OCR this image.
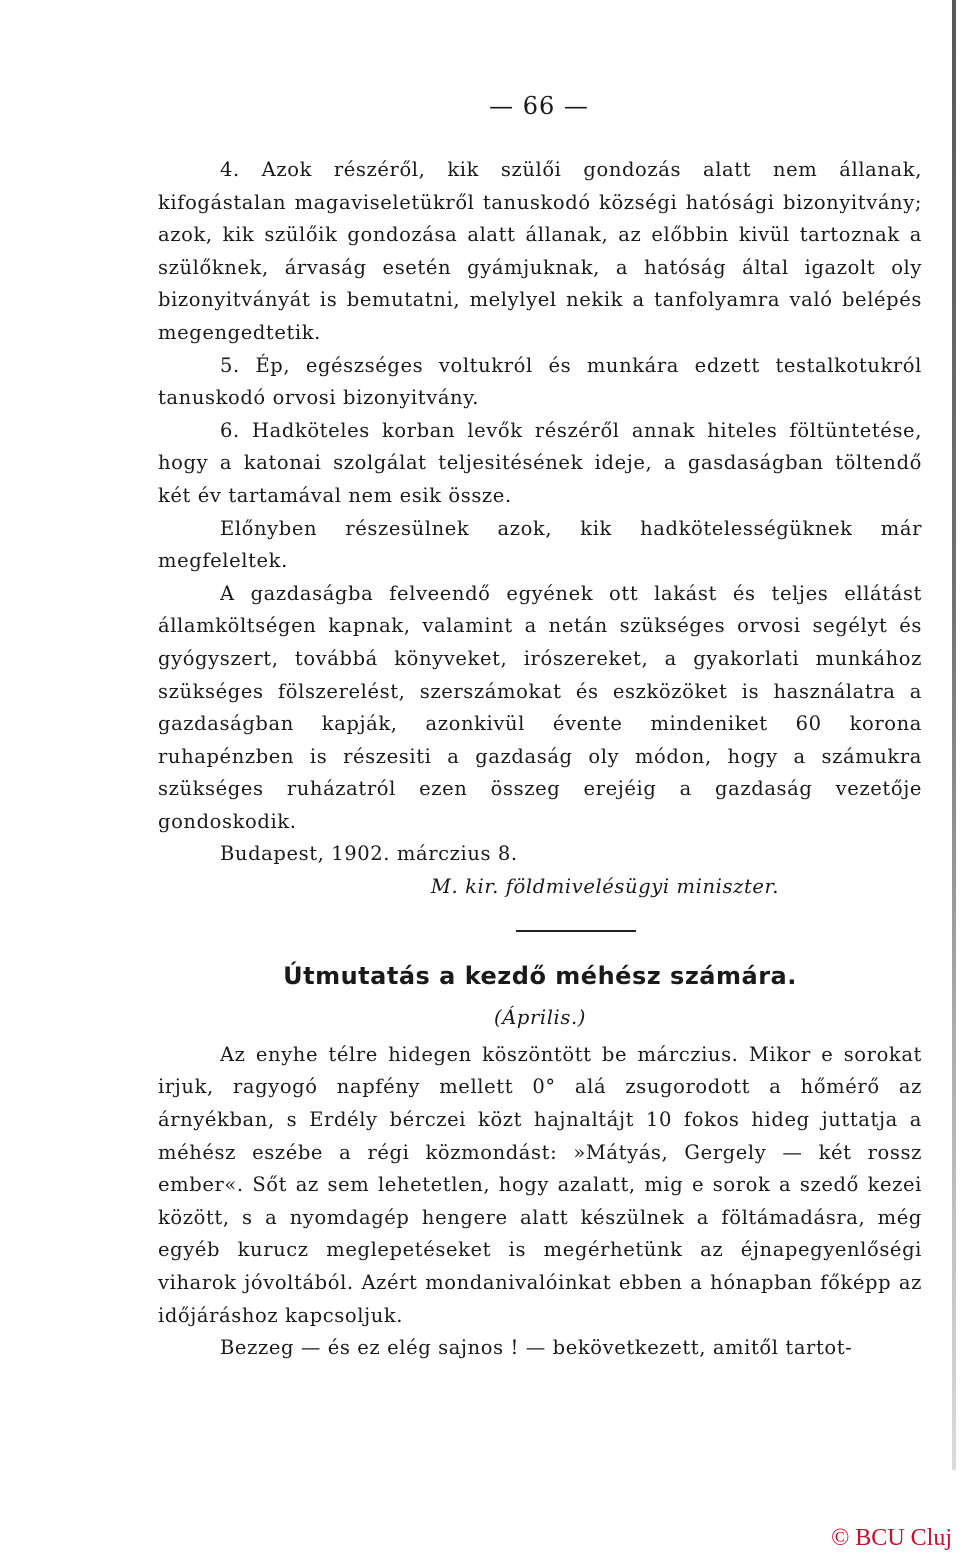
— 66 —

4. Azok részéről, kik szülői gondozás alatt nem állanak, kifogástalan magaviseletükről tanuskodó községi hatósági bizonyitvány; azok, kik szülőik gondozása alatt állanak, az előbbin kivül tartoznak a szülőknek, árvaság esetén gyámjuknak, a hatóság által igazolt oly bizonyitványát is bemutatni, melylyel nekik a tanfolyamra való belépés megengedtetik.

5. Ép, egészséges voltukról és munkára edzett testalkotukról tanuskodó orvosi bizonyitvány.

6. Hadköteles korban levők részéről annak hiteles föltüntetése, hogy a katonai szolgálat teljesitésének ideje, a gasdaságban töltendő két év tartamával nem esik össze.

Előnyben részesülnek azok, kik hadkötelességüknek már megfeleltek.

A gazdaságba felveendő egyének ott lakást és teljes ellátást államköltségen kapnak, valamint a netán szükséges orvosi segélyt és gyógyszert, továbbá könyveket, irószereket, a gyakorlati munkához szükséges fölszerelést, szerszámokat és eszközöket is használatra a gazdaságban kapják, azonkivül évente mindeniket 60 korona ruhapénzben is részesiti a gazdaság oly módon, hogy a számukra szükséges ruházatról ezen összeg erejéig a gazdaság vezetője gondoskodik.

Budapest, 1902. márczius 8.
M. kir. földmivelésügyi miniszter.
Útmutatás a kezdő méhész számára.
(Április.)

Az enyhe télre hidegen köszöntött be márczius. Mikor e sorokat irjuk, ragyogó napfény mellett 0° alá zsugorodott a hőmérő az árnyékban, s Erdély bérczei közt hajnaltájt 10 fokos hideg juttatja a méhész eszébe a régi közmondást: »Mátyás, Gergely — két rossz ember«. Sőt az sem lehetetlen, hogy azalatt, mig e sorok a szedő kezei között, s a nyomdagép hengere alatt készülnek a föltámadásra, még egyéb kurucz meglepetéseket is megérhetünk az éjnapegyenlőségi viharok jóvoltából. Azért mondanivalóinkat ebben a hónapban főképp az időjáráshoz kapcsoljuk.

Bezzeg — és ez elég sajnos ! — bekövetkezett, amitől tartot-

© BCU Cluj
